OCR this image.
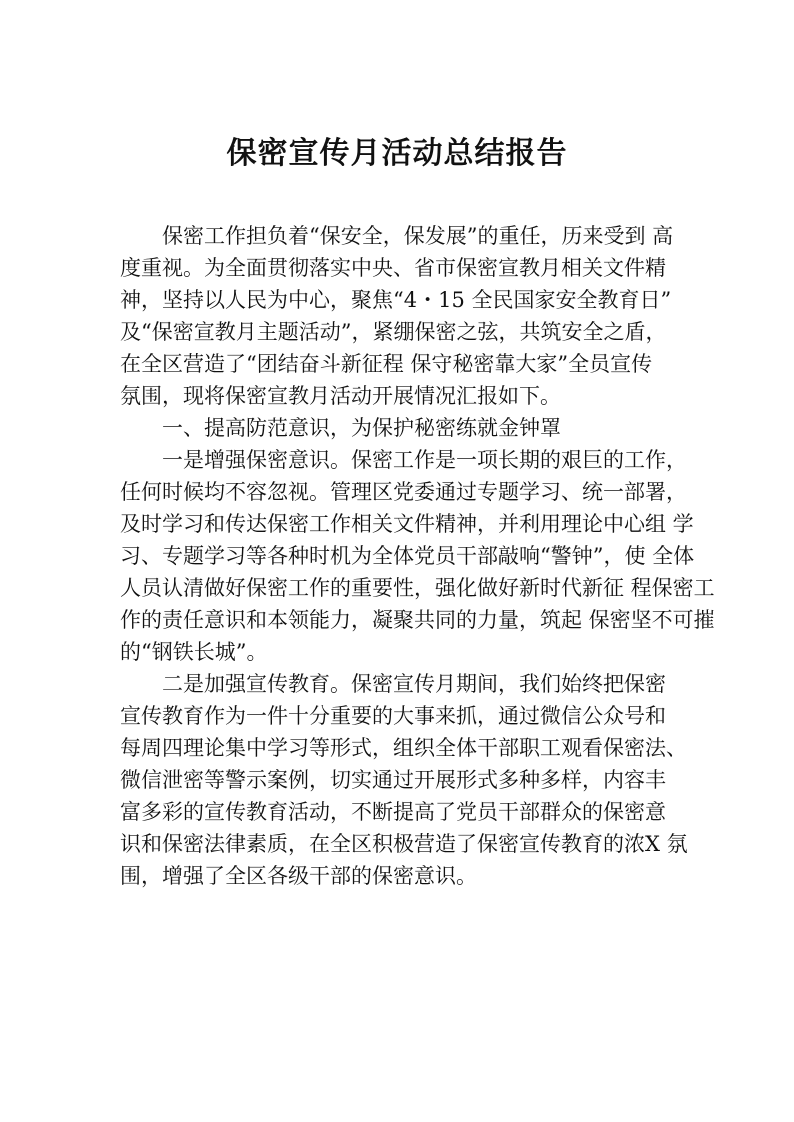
保密宣传月活动总结报告

　　保密工作担负着“保安全，保发展”的重任，历来受到 高

度重视。为全面贯彻落实中央、省市保密宣教月相关文件精

神，坚持以人民为中心，聚焦“4・15 全民国家安全教育日”

及“保密宣教月主题活动”，紧绷保密之弦，共筑安全之盾，

在全区营造了“团结奋斗新征程 保守秘密靠大家”全员宣传

氛围，现将保密宣教月活动开展情况汇报如下。

　　一、提高防范意识，为保护秘密练就金钟罩

　　一是增强保密意识。保密工作是一项长期的艰巨的工作，

任何时候均不容忽视。管理区党委通过专题学习、统一部署，

及时学习和传达保密工作相关文件精神，并利用理论中心组 学

习、专题学习等各种时机为全体党员干部敲响“警钟”，使 全体

人员认清做好保密工作的重要性，强化做好新时代新征 程保密工

作的责任意识和本领能力，凝聚共同的力量，筑起 保密坚不可摧

的“钢铁长城”。

　　二是加强宣传教育。保密宣传月期间，我们始终把保密

宣传教育作为一件十分重要的大事来抓，通过微信公众号和

每周四理论集中学习等形式，组织全体干部职工观看保密法、

微信泄密等警示案例，切实通过开展形式多种多样，内容丰

富多彩的宣传教育活动，不断提高了党员干部群众的保密意

识和保密法律素质，在全区积极营造了保密宣传教育的浓X 氛

围，增强了全区各级干部的保密意识。
